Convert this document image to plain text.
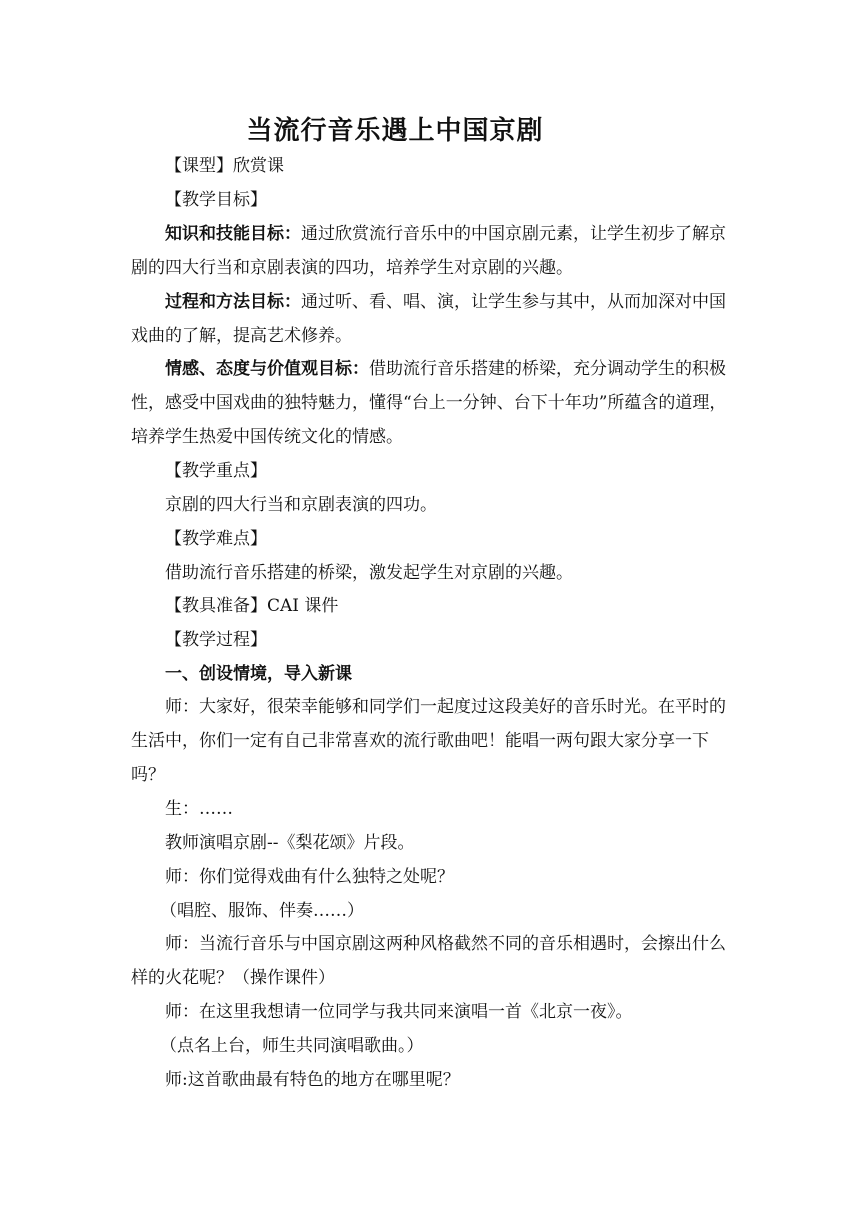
当流行音乐遇上中国京剧
【课型】欣赏课
【教学目标】
知识和技能目标：通过欣赏流行音乐中的中国京剧元素，让学生初步了解京
剧的四大行当和京剧表演的四功，培养学生对京剧的兴趣。
过程和方法目标：通过听、看、唱、演，让学生参与其中，从而加深对中国
戏曲的了解，提高艺术修养。
情感、态度与价值观目标：借助流行音乐搭建的桥梁，充分调动学生的积极
性，感受中国戏曲的独特魅力，懂得“台上一分钟、台下十年功”所蕴含的道理，
培养学生热爱中国传统文化的情感。
【教学重点】
京剧的四大行当和京剧表演的四功。
【教学难点】
借助流行音乐搭建的桥梁，激发起学生对京剧的兴趣。
【教具准备】CAI 课件
【教学过程】
一、创设情境，导入新课
师：大家好，很荣幸能够和同学们一起度过这段美好的音乐时光。在平时的
生活中，你们一定有自己非常喜欢的流行歌曲吧！能唱一两句跟大家分享一下
吗？
生：……
教师演唱京剧--《梨花颂》片段。
师：你们觉得戏曲有什么独特之处呢？
（唱腔、服饰、伴奏……）
师：当流行音乐与中国京剧这两种风格截然不同的音乐相遇时，会擦出什么
样的火花呢？（操作课件）
师：在这里我想请一位同学与我共同来演唱一首《北京一夜》。
（点名上台，师生共同演唱歌曲。）
师:这首歌曲最有特色的地方在哪里呢？
